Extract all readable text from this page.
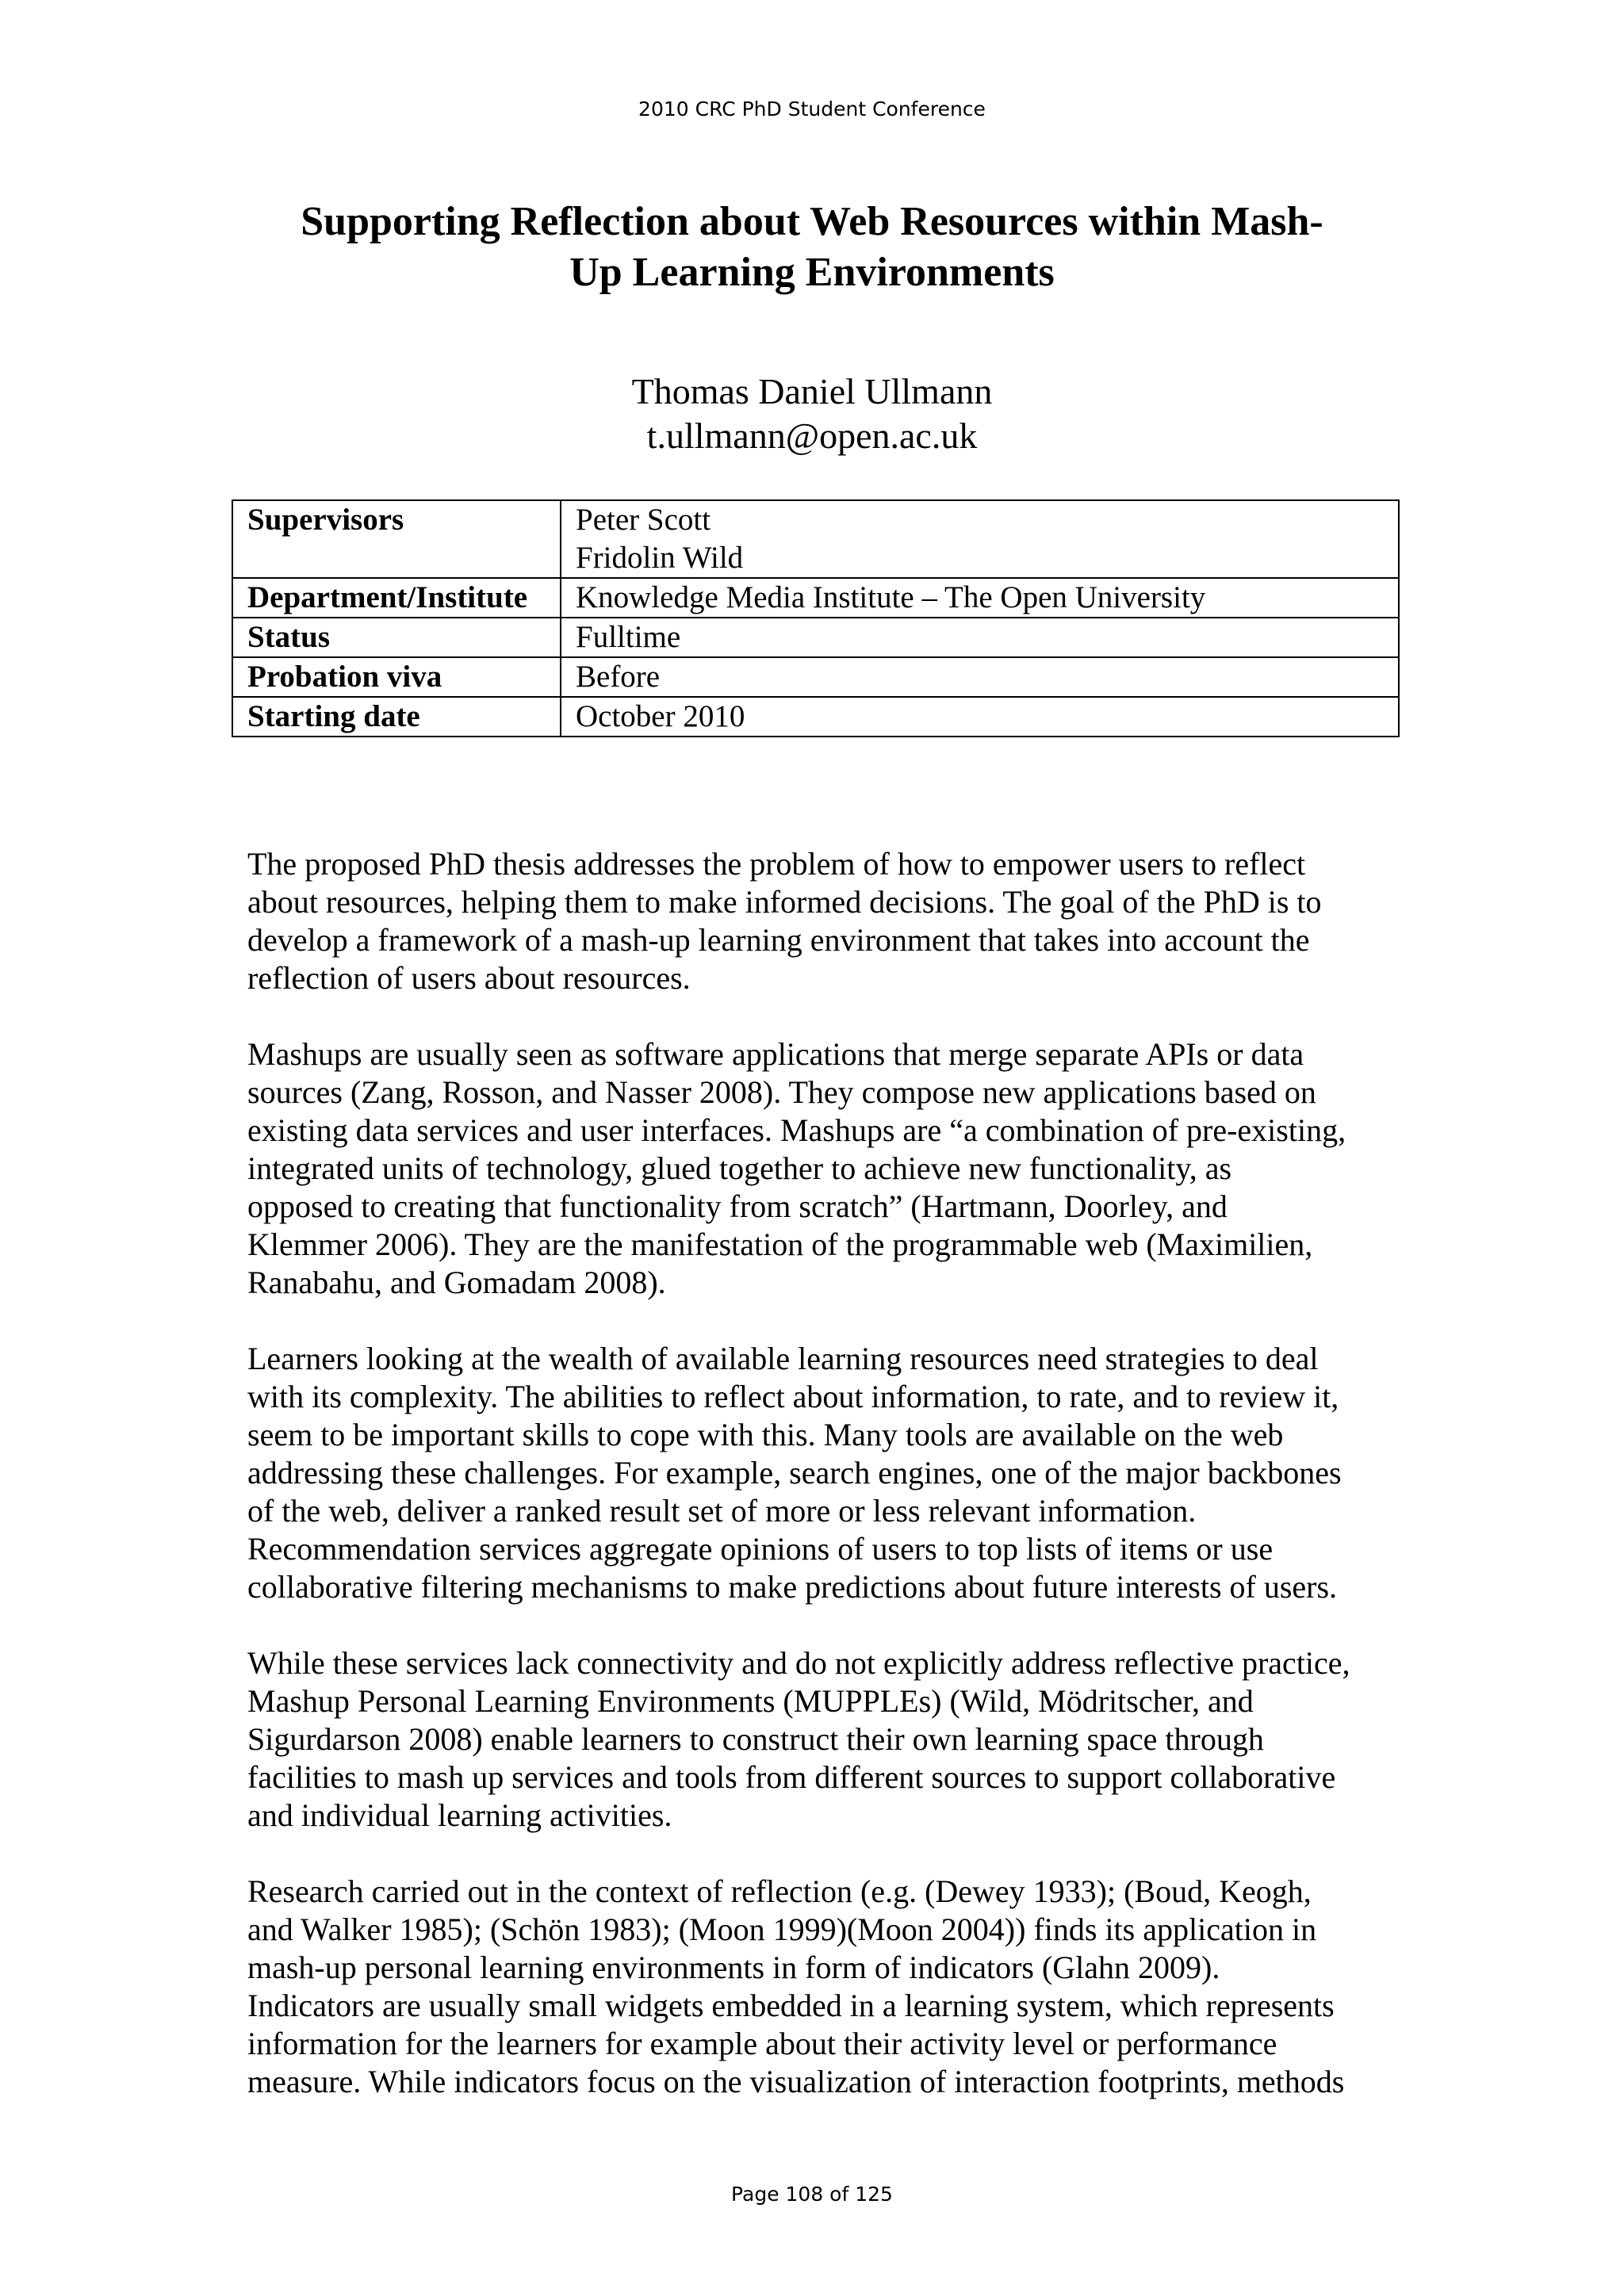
2010 CRC PhD Student Conference
Supporting Reflection about Web Resources within Mash-
Up Learning Environments
Thomas Daniel Ullmann
t.ullmann@open.ac.uk
Supervisors	Peter Scott
Fridolin Wild

Department/Institute	Knowledge Media Institute – The Open University
Status	Fulltime
Probation viva	Before
Starting date	October 2010

The proposed PhD thesis addresses the problem of how to empower users to reflect
about resources, helping them to make informed decisions. The goal of the PhD is to
develop a framework of a mash-up learning environment that takes into account the
reflection of users about resources.

Mashups are usually seen as software applications that merge separate APIs or data
sources (Zang, Rosson, and Nasser 2008). They compose new applications based on
existing data services and user interfaces. Mashups are “a combination of pre-existing,
integrated units of technology, glued together to achieve new functionality, as
opposed to creating that functionality from scratch” (Hartmann, Doorley, and
Klemmer 2006). They are the manifestation of the programmable web (Maximilien,
Ranabahu, and Gomadam 2008).

Learners looking at the wealth of available learning resources need strategies to deal
with its complexity. The abilities to reflect about information, to rate, and to review it,
seem to be important skills to cope with this. Many tools are available on the web
addressing these challenges. For example, search engines, one of the major backbones
of the web, deliver a ranked result set of more or less relevant information.
Recommendation services aggregate opinions of users to top lists of items or use
collaborative filtering mechanisms to make predictions about future interests of users.

While these services lack connectivity and do not explicitly address reflective practice,
Mashup Personal Learning Environments (MUPPLEs) (Wild, Mödritscher, and
Sigurdarson 2008) enable learners to construct their own learning space through
facilities to mash up services and tools from different sources to support collaborative
and individual learning activities.

Research carried out in the context of reflection (e.g. (Dewey 1933); (Boud, Keogh,
and Walker 1985); (Schön 1983); (Moon 1999)(Moon 2004)) finds its application in
mash-up personal learning environments in form of indicators (Glahn 2009).
Indicators are usually small widgets embedded in a learning system, which represents
information for the learners for example about their activity level or performance
measure. While indicators focus on the visualization of interaction footprints, methods

Page 108 of 125
